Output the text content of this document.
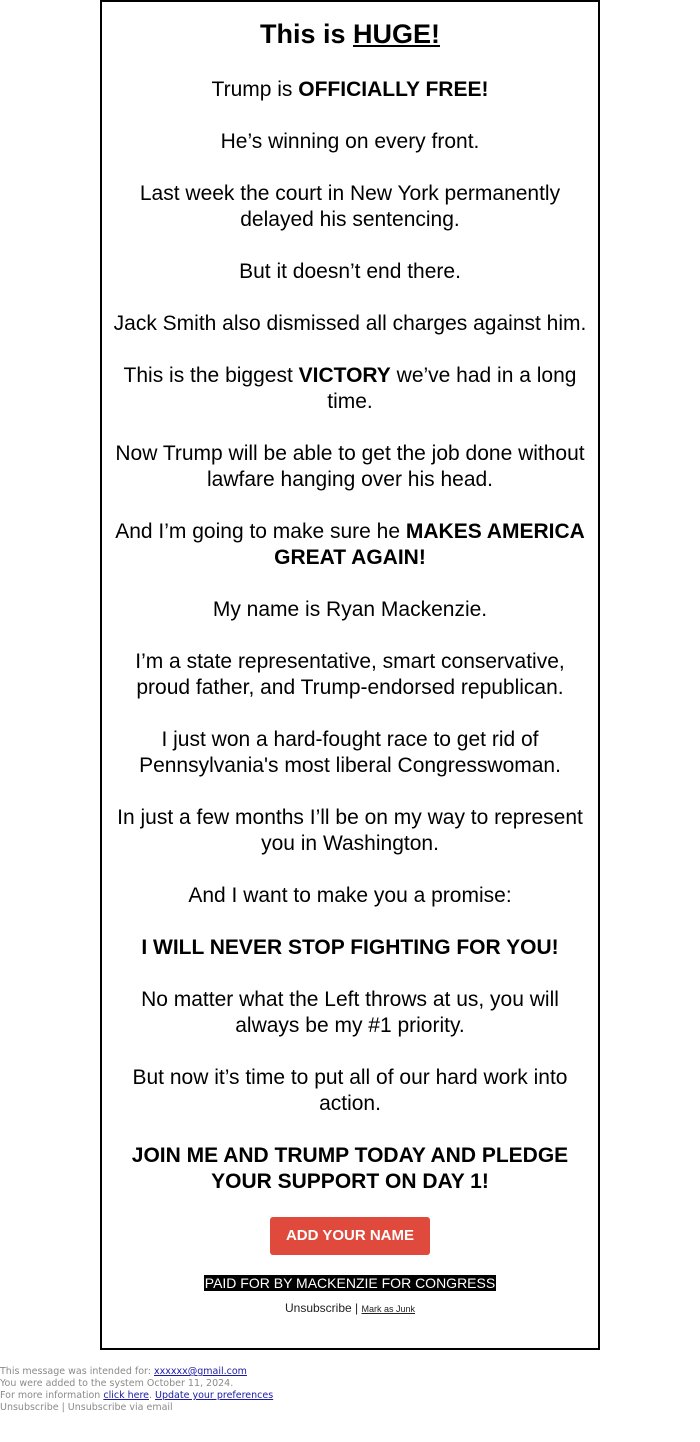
This is HUGE!
Trump is OFFICIALLY FREE!
He’s winning on every front.
Last week the court in New York permanently delayed his sentencing.
But it doesn’t end there.
Jack Smith also dismissed all charges against him.
This is the biggest VICTORY we’ve had in a long time.
Now Trump will be able to get the job done without lawfare hanging over his head.
And I’m going to make sure he MAKES AMERICA GREAT AGAIN!
My name is Ryan Mackenzie.
I’m a state representative, smart conservative, proud father, and Trump-endorsed republican.
I just won a hard-fought race to get rid of Pennsylvania's most liberal Congresswoman.
In just a few months I’ll be on my way to represent you in Washington.
And I want to make you a promise:
I WILL NEVER STOP FIGHTING FOR YOU!
No matter what the Left throws at us, you will always be my #1 priority.
But now it’s time to put all of our hard work into action.
JOIN ME AND TRUMP TODAY AND PLEDGE YOUR SUPPORT ON DAY 1!
ADD YOUR NAME
PAID FOR BY MACKENZIE FOR CONGRESS
Unsubscribe | Mark as Junk
This message was intended for: xxxxxx@gmail.com
You were added to the system October 11, 2024.
For more information click here. Update your preferences
Unsubscribe | Unsubscribe via email
